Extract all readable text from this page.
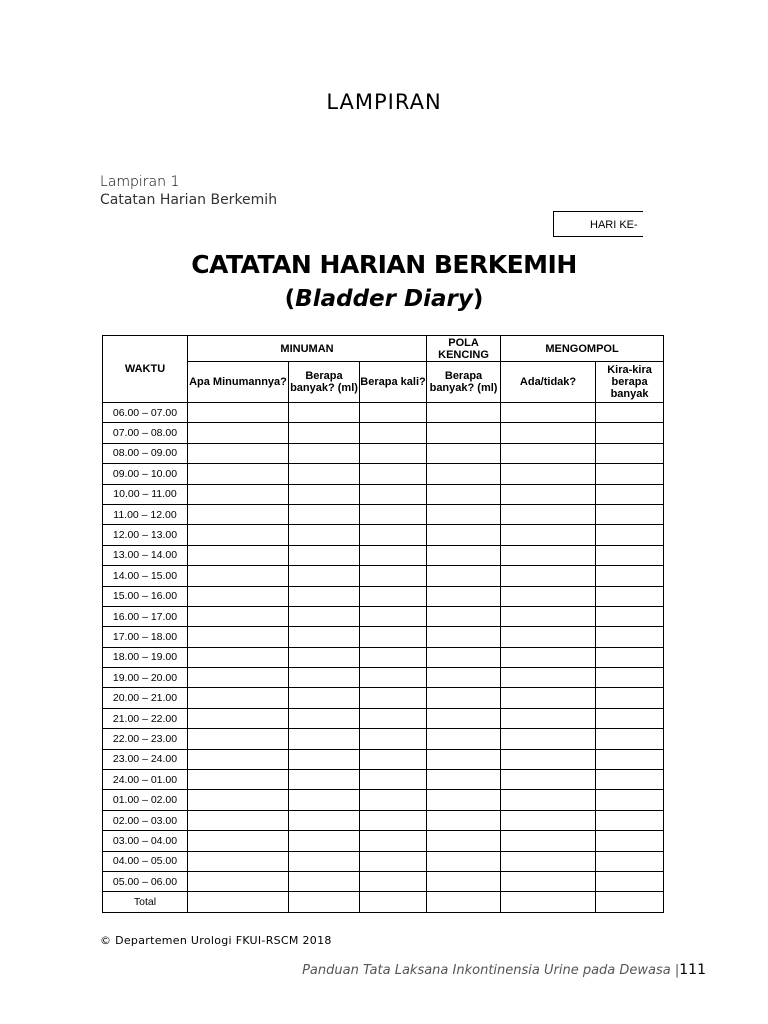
LAMPIRAN
Lampiran 1
Catatan Harian Berkemih
HARI KE-
CATATAN HARIAN BERKEMIH
(Bladder Diary)
WAKTU	MINUMAN			POLA KENCING	MENGOMPOL	
	Apa Minumannya?	Berapa banyak? (ml)	Berapa kali?	Berapa banyak? (ml)	Ada/tidak?	Kira-kira berapa banyak
06.00 – 07.00						
07.00 – 08.00						
08.00 – 09.00						
09.00 – 10.00						
10.00 – 11.00						
11.00 – 12.00						
12.00 – 13.00						
13.00 – 14.00						
14.00 – 15.00						
15.00 – 16.00						
16.00 – 17.00						
17.00 – 18.00						
18.00 – 19.00						
19.00 – 20.00						
20.00 – 21.00						
21.00 – 22.00						
22.00 – 23.00						
23.00 – 24.00						
24.00 – 01.00						
01.00 – 02.00						
02.00 – 03.00						
03.00 – 04.00						
04.00 – 05.00						
05.00 – 06.00						
Total						
© Departemen Urologi FKUI-RSCM 2018
Panduan Tata Laksana Inkontinensia Urine pada Dewasa |111
